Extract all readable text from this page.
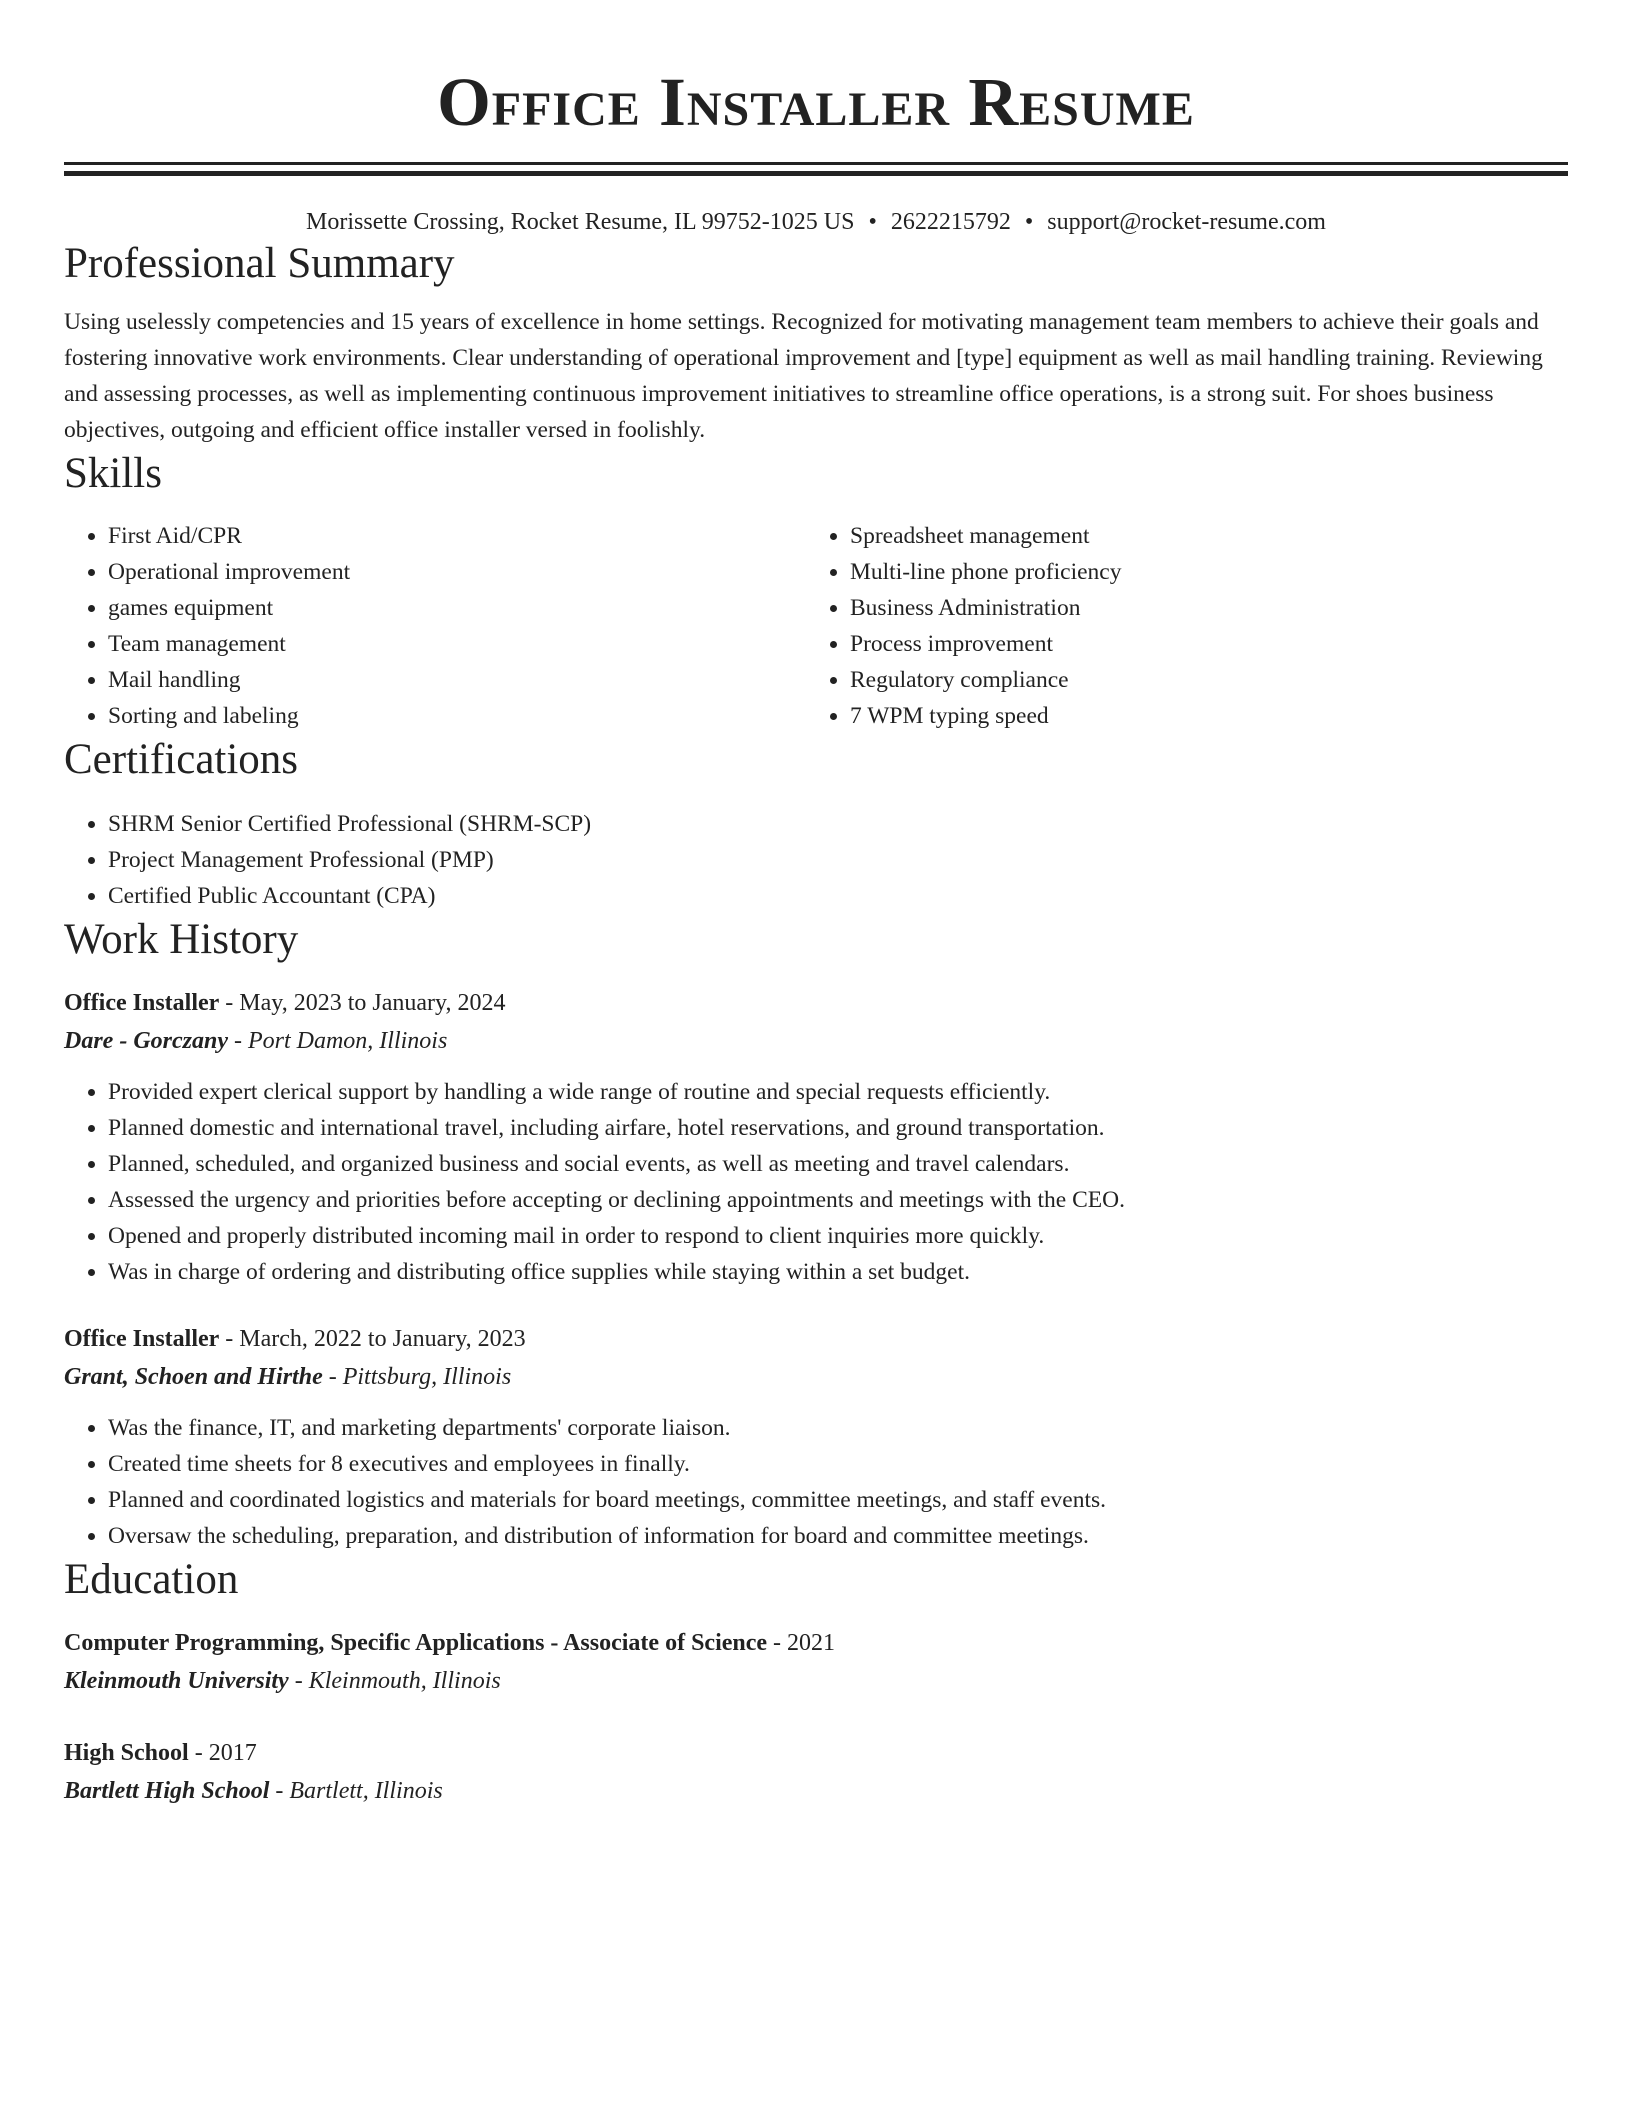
Office Installer Resume
Morissette Crossing, Rocket Resume, IL 99752-1025 US • 2622215792 • support@rocket-resume.com
Professional Summary

Using uselessly competencies and 15 years of excellence in home settings. Recognized for motivating management team members to achieve their goals and fostering innovative work environments. Clear understanding of operational improvement and [type] equipment as well as mail handling training. Reviewing and assessing processes, as well as implementing continuous improvement initiatives to streamline office operations, is a strong suit. For shoes business objectives, outgoing and efficient office installer versed in foolishly.

Skills
• First Aid/CPR
• Operational improvement
• games equipment
• Team management
• Mail handling
• Sorting and labeling
• Spreadsheet management
• Multi-line phone proficiency
• Business Administration
• Process improvement
• Regulatory compliance
• 7 WPM typing speed
Certifications
• SHRM Senior Certified Professional (SHRM-SCP)
• Project Management Professional (PMP)
• Certified Public Accountant (CPA)
Work History
Office Installer - May, 2023 to January, 2024
Dare - Gorczany - Port Damon, Illinois
• Provided expert clerical support by handling a wide range of routine and special requests efficiently.
• Planned domestic and international travel, including airfare, hotel reservations, and ground transportation.
• Planned, scheduled, and organized business and social events, as well as meeting and travel calendars.
• Assessed the urgency and priorities before accepting or declining appointments and meetings with the CEO.
• Opened and properly distributed incoming mail in order to respond to client inquiries more quickly.
• Was in charge of ordering and distributing office supplies while staying within a set budget.
Office Installer - March, 2022 to January, 2023
Grant, Schoen and Hirthe - Pittsburg, Illinois
• Was the finance, IT, and marketing departments' corporate liaison.
• Created time sheets for 8 executives and employees in finally.
• Planned and coordinated logistics and materials for board meetings, committee meetings, and staff events.
• Oversaw the scheduling, preparation, and distribution of information for board and committee meetings.
Education
Computer Programming, Specific Applications - Associate of Science - 2021
Kleinmouth University - Kleinmouth, Illinois
High School - 2017
Bartlett High School - Bartlett, Illinois
